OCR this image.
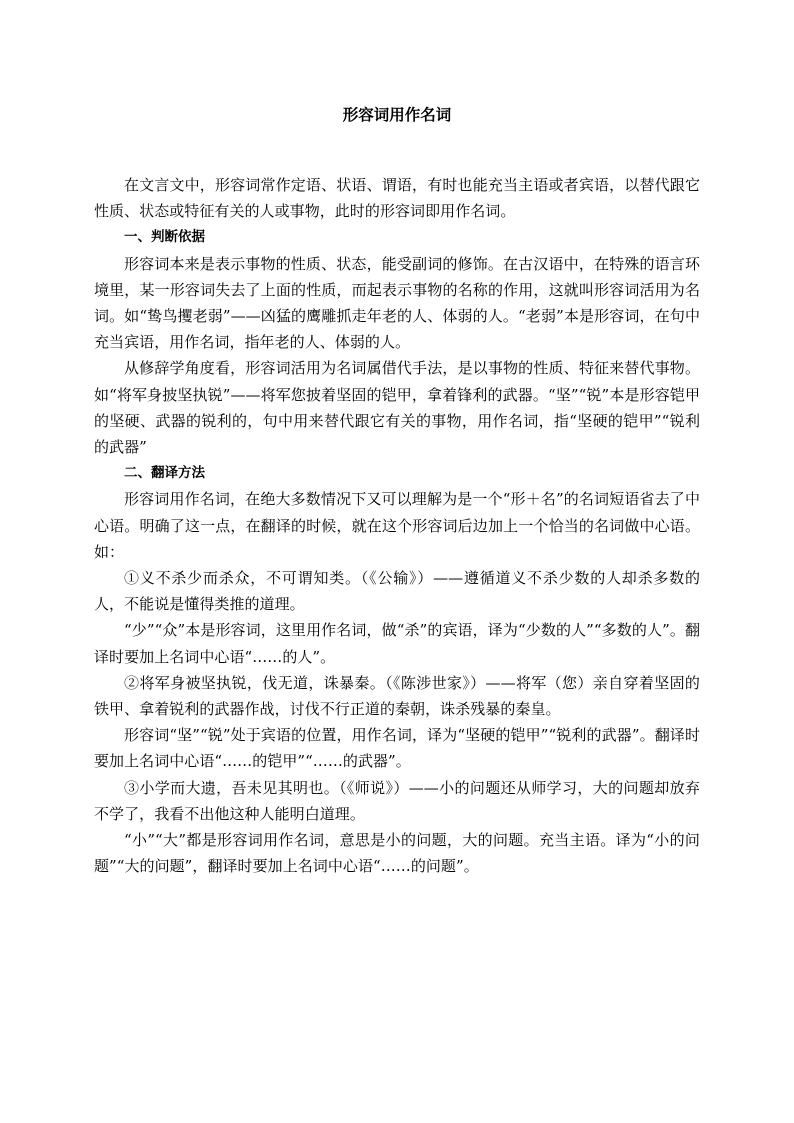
形容词用作名词

在文言文中，形容词常作定语、状语、谓语，有时也能充当主语或者宾语，以替代跟它性质、状态或特征有关的人或事物，此时的形容词即用作名词。

一、判断依据

形容词本来是表示事物的性质、状态，能受副词的修饰。在古汉语中，在特殊的语言环境里，某一形容词失去了上面的性质，而起表示事物的名称的作用，这就叫形容词活用为名词。如“鸷鸟攫老弱”——凶猛的鹰雕抓走年老的人、体弱的人。“老弱”本是形容词，在句中充当宾语，用作名词，指年老的人、体弱的人。

从修辞学角度看，形容词活用为名词属借代手法，是以事物的性质、特征来替代事物。如“将军身披坚执锐”——将军您披着坚固的铠甲，拿着锋利的武器。“坚”“锐”本是形容铠甲的坚硬、武器的锐利的，句中用来替代跟它有关的事物，用作名词，指“坚硬的铠甲”“锐利的武器”

二、翻译方法

形容词用作名词，在绝大多数情况下又可以理解为是一个“形＋名”的名词短语省去了中心语。明确了这一点，在翻译的时候，就在这个形容词后边加上一个恰当的名词做中心语。如：

①义不杀少而杀众，不可谓知类。（《公输》）——遵循道义不杀少数的人却杀多数的人，不能说是懂得类推的道理。

“少”“众”本是形容词，这里用作名词，做“杀”的宾语，译为“少数的人”“多数的人”。翻译时要加上名词中心语“……的人”。

②将军身被坚执锐，伐无道，诛暴秦。（《陈涉世家》）——将军（您）亲自穿着坚固的铁甲、拿着锐利的武器作战，讨伐不行正道的秦朝，诛杀残暴的秦皇。

形容词“坚”“锐”处于宾语的位置，用作名词，译为“坚硬的铠甲”“锐利的武器”。翻译时要加上名词中心语“……的铠甲”“……的武器”。

③小学而大遗，吾未见其明也。（《师说》）——小的问题还从师学习，大的问题却放弃不学了，我看不出他这种人能明白道理。

“小”“大”都是形容词用作名词，意思是小的问题，大的问题。充当主语。译为“小的问题”“大的问题”，翻译时要加上名词中心语“……的问题”。
